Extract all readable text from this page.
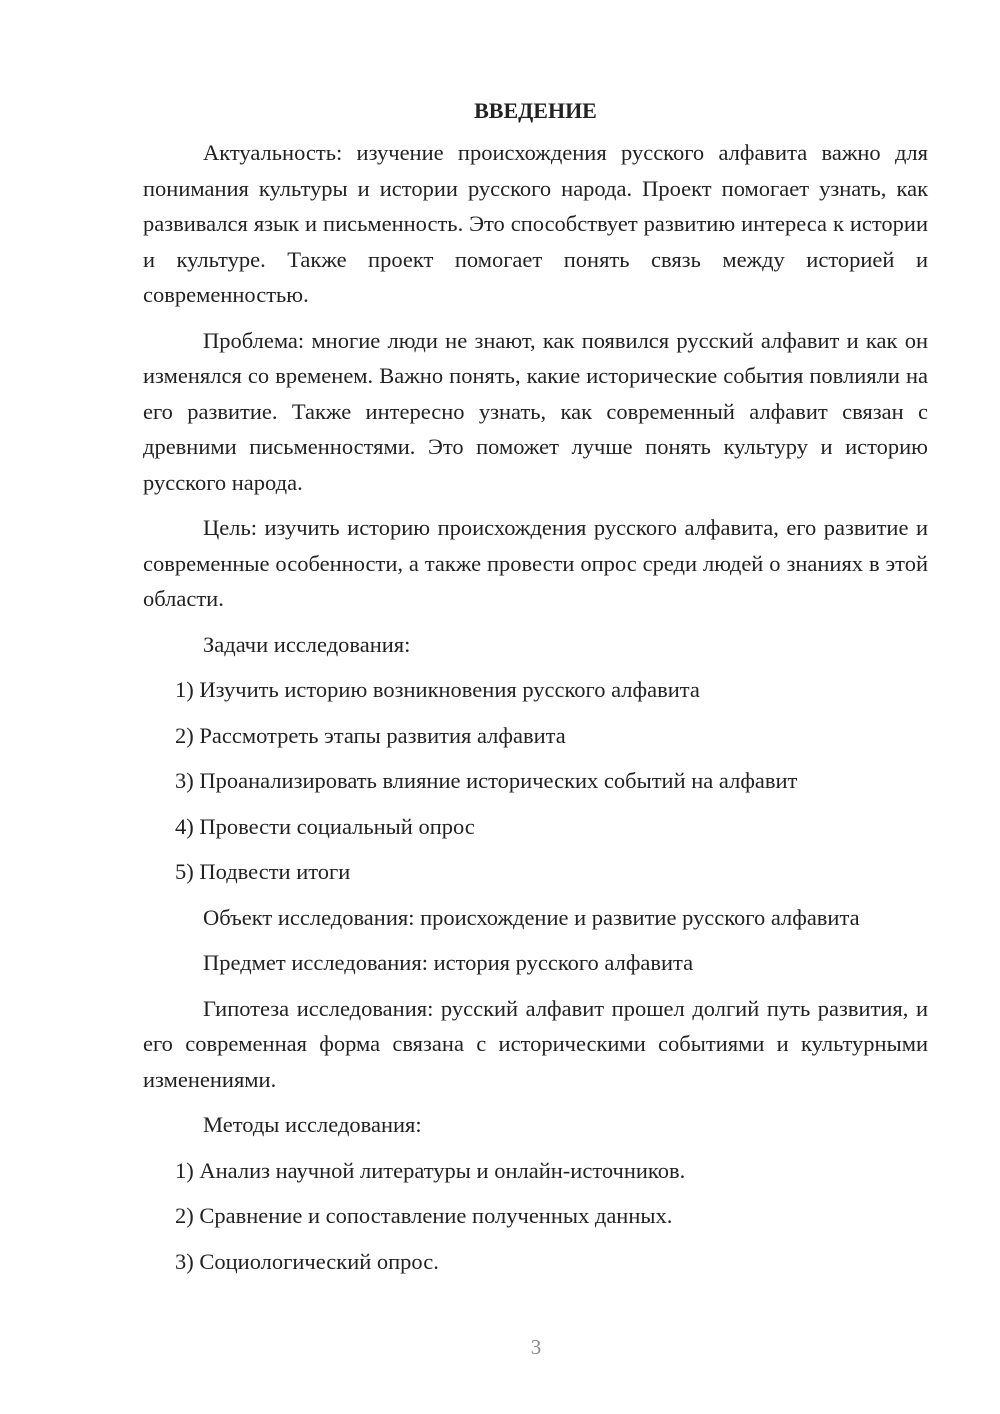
ВВЕДЕНИЕ
Актуальность: изучение происхождения русского алфавита важно для понимания культуры и истории русского народа. Проект помогает узнать, как развивался язык и письменность. Это способствует развитию интереса к истории и культуре. Также проект помогает понять связь между историей и современностью.
Проблема: многие люди не знают, как появился русский алфавит и как он изменялся со временем. Важно понять, какие исторические события повлияли на его развитие. Также интересно узнать, как современный алфавит связан с древними письменностями. Это поможет лучше понять культуру и историю русского народа.
Цель: изучить историю происхождения русского алфавита, его развитие и современные особенности, а также провести опрос среди людей о знаниях в этой области.
Задачи исследования:
1) Изучить историю возникновения русского алфавита
2) Рассмотреть этапы развития алфавита
3) Проанализировать влияние исторических событий на алфавит
4) Провести социальный опрос
5) Подвести итоги
Объект исследования: происхождение и развитие русского алфавита
Предмет исследования: история русского алфавита
Гипотеза исследования: русский алфавит прошел долгий путь развития, и его современная форма связана с историческими событиями и культурными изменениями.
Методы исследования:
1) Анализ научной литературы и онлайн-источников.
2) Сравнение и сопоставление полученных данных.
3) Социологический опрос.
3
